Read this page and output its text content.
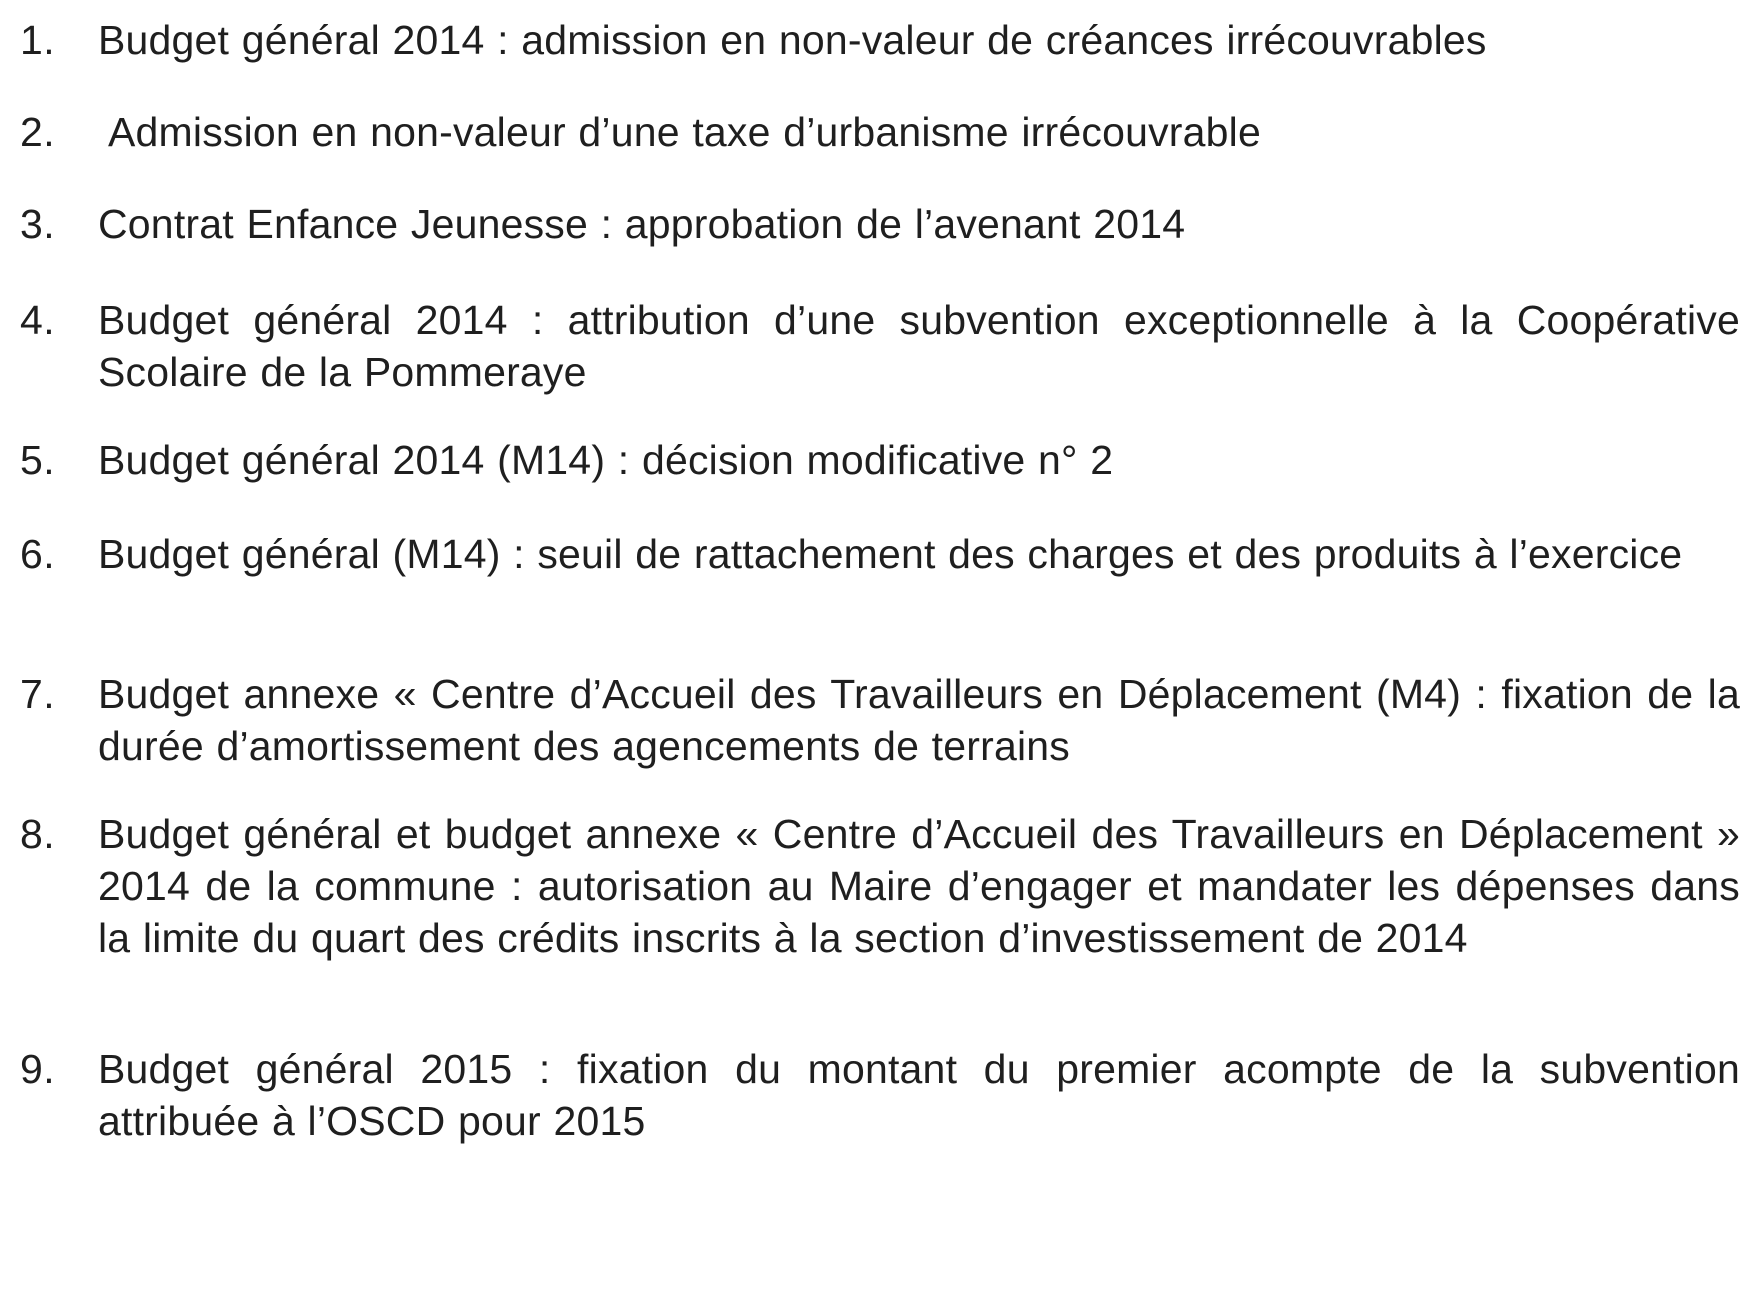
1.	Budget général 2014 : admission en non-valeur de créances irrécouvrables
2.	Admission en non-valeur d’une taxe d’urbanisme irrécouvrable
3.	Contrat Enfance Jeunesse : approbation de l’avenant 2014
4.	Budget général 2014 : attribution d’une subvention exceptionnelle à la Coopérative Scolaire de la Pommeraye
5.	Budget général 2014 (M14) : décision modificative n° 2
6.	Budget général (M14) : seuil de rattachement des charges et des produits à l’exercice
7.	Budget annexe « Centre d’Accueil des Travailleurs en Déplacement (M4) : fixation de la durée d’amortissement des agencements de terrains
8.	Budget général et budget annexe « Centre d’Accueil des Travailleurs en Déplacement » 2014 de la commune : autorisation au Maire d’engager et mandater les dépenses dans la limite du quart des crédits inscrits à la section d’investissement de 2014
9.	Budget général 2015 : fixation du montant du premier acompte de la subvention attribuée à l’OSCD pour 2015
